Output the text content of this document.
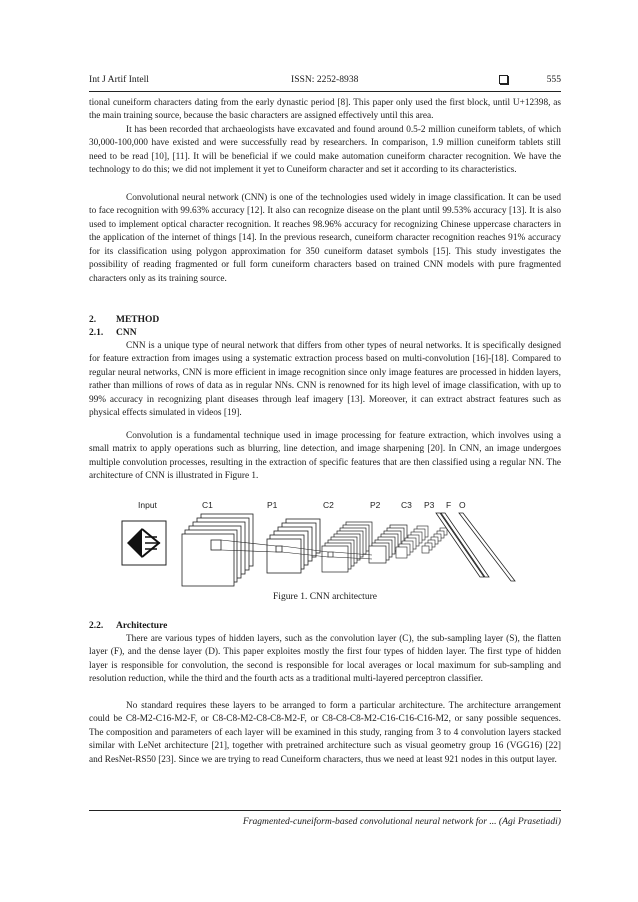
Int J Artif Intell	ISSN: 2252-8938	555

tional cuneiform characters dating from the early dynastic period [8]. This paper only used the first block, until U+12398, as the main training source, because the basic characters are assigned effectively until this area.

It has been recorded that archaeologists have excavated and found around 0.5-2 million cuneiform tablets, of which 30,000-100,000 have existed and were successfully read by researchers. In comparison, 1.9 million cuneiform tablets still need to be read [10], [11]. It will be beneficial if we could make automation cuneiform character recognition. We have the technology to do this; we did not implement it yet to Cuneiform character and set it according to its characteristics.

Convolutional neural network (CNN) is one of the technologies used widely in image classification. It can be used to face recognition with 99.63% accuracy [12]. It also can recognize disease on the plant until 99.53% accuracy [13]. It is also used to implement optical character recognition. It reaches 98.96% accuracy for recognizing Chinese uppercase characters in the application of the internet of things [14]. In the previous research, cuneiform character recognition reaches 91% accuracy for its classification using polygon approximation for 350 cuneiform dataset symbols [15]. This study investigates the possibility of reading fragmented or full form cuneiform characters based on trained CNN models with pure fragmented characters only as its training source.

2. METHOD
2.1. CNN

CNN is a unique type of neural network that differs from other types of neural networks. It is specifically designed for feature extraction from images using a systematic extraction process based on multi-convolution [16]-[18]. Compared to regular neural networks, CNN is more efficient in image recognition since only image features are processed in hidden layers, rather than millions of rows of data as in regular NNs. CNN is renowned for its high level of image classification, with up to 99% accuracy in recognizing plant diseases through leaf imagery [13]. Moreover, it can extract abstract features such as physical effects simulated in videos [19].

Convolution is a fundamental technique used in image processing for feature extraction, which involves using a small matrix to apply operations such as blurring, line detection, and image sharpening [20]. In CNN, an image undergoes multiple convolution processes, resulting in the extraction of specific features that are then classified using a regular NN. The architecture of CNN is illustrated in Figure 1.

Input	C1	P1	C2	P2 C3 P3 F O
Figure 1. CNN architecture
2.2. Architecture

There are various types of hidden layers, such as the convolution layer (C), the sub-sampling layer (S), the flatten layer (F), and the dense layer (D). This paper exploites mostly the first four types of hidden layer. The first type of hidden layer is responsible for convolution, the second is responsible for local averages or local maximum for sub-sampling and resolution reduction, while the third and the fourth acts as a traditional multi-layered perceptron classifier.

No standard requires these layers to be arranged to form a particular architecture. The architecture arrangement could be C8-M2-C16-M2-F, or C8-C8-M2-C8-C8-M2-F, or C8-C8-C8-M2-C16-C16-C16-M2, or sany possible sequences. The composition and parameters of each layer will be examined in this study, ranging from 3 to 4 convolution layers stacked similar with LeNet architecture [21], together with pretrained architecture such as visual geometry group 16 (VGG16) [22] and ResNet-RS50 [23]. Since we are trying to read Cuneiform characters, thus we need at least 921 nodes in this output layer.

Fragmented-cuneiform-based convolutional neural network for ... (Agi Prasetiadi)
